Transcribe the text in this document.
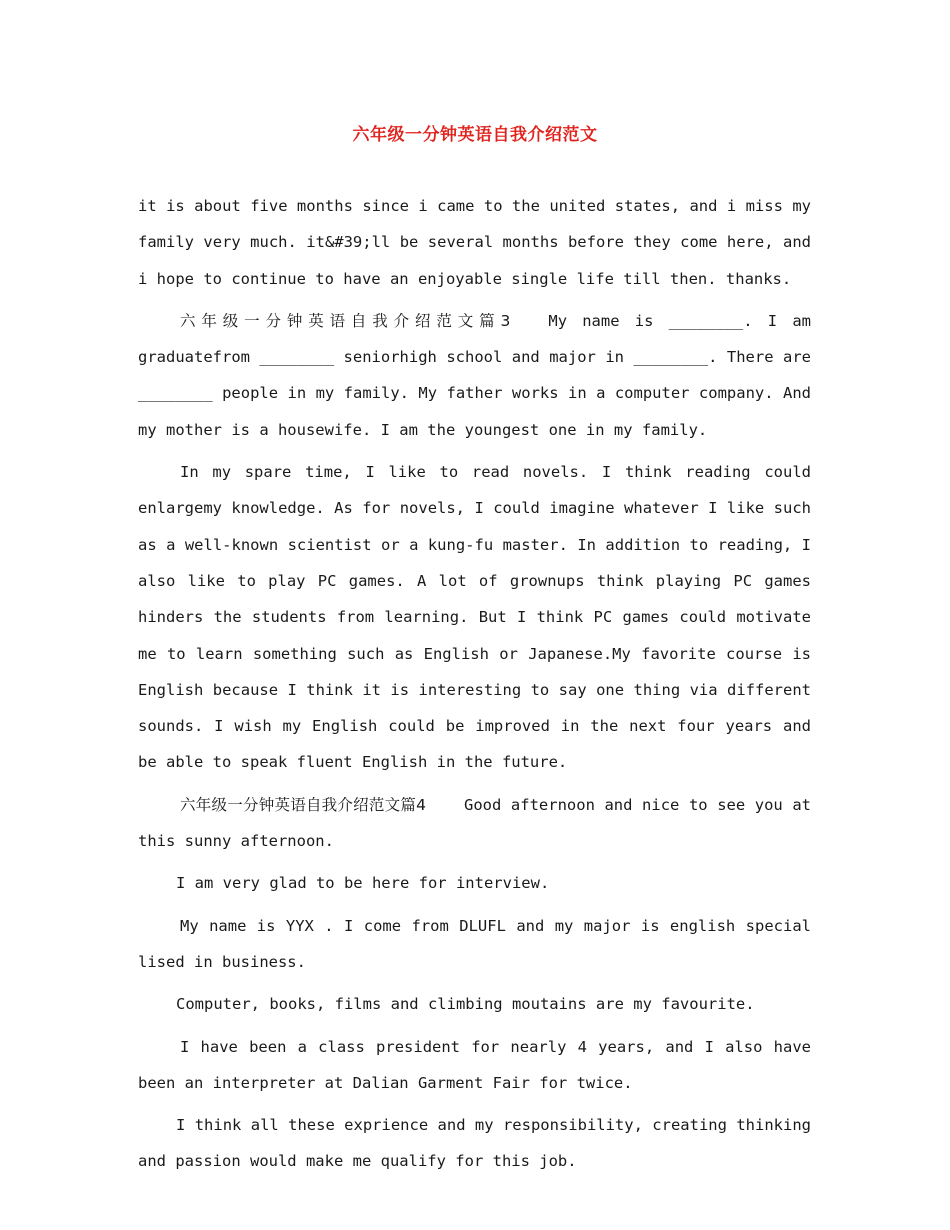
六年级一分钟英语自我介绍范文

it is about five months since i came to the united states, and i miss my family very much. it&#39;ll be several months before they come here, and i hope to continue to have an enjoyable single life till then. thanks.

六年级一分钟英语自我介绍范文篇3 My name is ________. I am graduatefrom ________ seniorhigh school and major in ________. There are ________ people in my family. My father works in a computer company. And my mother is a housewife. I am the youngest one in my family.

In my spare time, I like to read novels. I think reading could enlargemy knowledge. As for novels, I could imagine whatever I like such as a well-known scientist or a kung-fu master. In addition to reading, I also like to play PC games. A lot of grownups think playing PC games hinders the students from learning. But I think PC games could motivate me to learn something such as English or Japanese.My favorite course is English because I think it is interesting to say one thing via different sounds. I wish my English could be improved in the next four years and be able to speak fluent English in the future.

六年级一分钟英语自我介绍范文篇4 Good afternoon and nice to see you at this sunny afternoon.

I am very glad to be here for interview.

My name is YYX . I come from DLUFL and my major is english special lised in business.

Computer, books, films and climbing moutains are my favourite.

I have been a class president for nearly 4 years, and I also have been an interpreter at Dalian Garment Fair for twice.

I think all these exprience and my responsibility, creating thinking and passion would make me qualify for this job.
